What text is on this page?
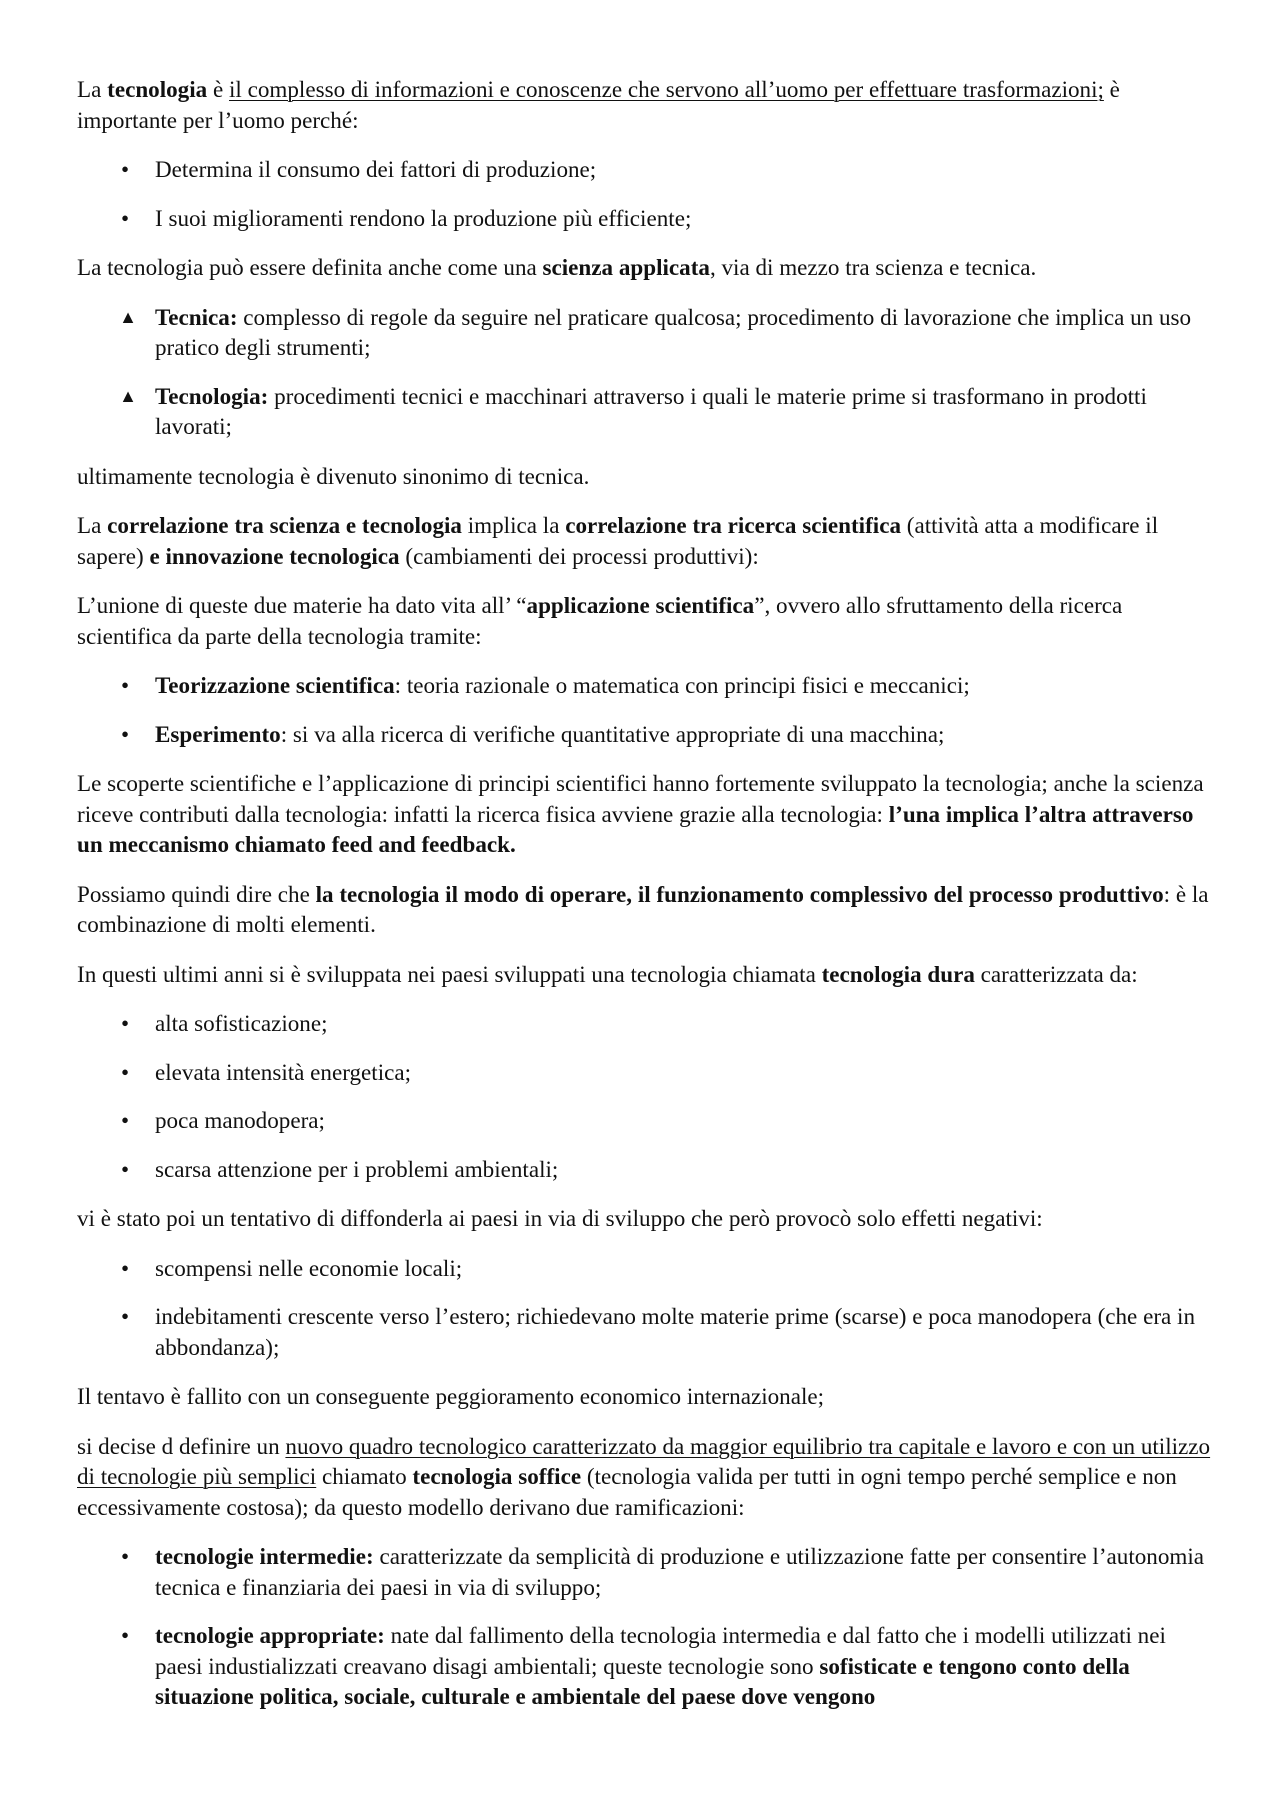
La tecnologia è il complesso di informazioni e conoscenze che servono all’uomo per effettuare trasformazioni; è importante per l’uomo perché:

• Determina il consumo dei fattori di produzione;
• I suoi miglioramenti rendono la produzione più efficiente;

La tecnologia può essere definita anche come una scienza applicata, via di mezzo tra scienza e tecnica.

▲ Tecnica: complesso di regole da seguire nel praticare qualcosa; procedimento di lavorazione che implica un uso pratico degli strumenti;
▲ Tecnologia: procedimenti tecnici e macchinari attraverso i quali le materie prime si trasformano in prodotti lavorati;

ultimamente tecnologia è divenuto sinonimo di tecnica.

La correlazione tra scienza e tecnologia implica la correlazione tra ricerca scientifica (attività atta a modificare il sapere) e innovazione tecnologica (cambiamenti dei processi produttivi):

L’unione di queste due materie ha dato vita all’ “applicazione scientifica”, ovvero allo sfruttamento della ricerca scientifica da parte della tecnologia tramite:

• Teorizzazione scientifica: teoria razionale o matematica con principi fisici e meccanici;
• Esperimento: si va alla ricerca di verifiche quantitative appropriate di una macchina;

Le scoperte scientifiche e l’applicazione di principi scientifici hanno fortemente sviluppato la tecnologia; anche la scienza riceve contributi dalla tecnologia: infatti la ricerca fisica avviene grazie alla tecnologia: l’una implica l’altra attraverso un meccanismo chiamato feed and feedback.

Possiamo quindi dire che la tecnologia il modo di operare, il funzionamento complessivo del processo produttivo: è la combinazione di molti elementi.

In questi ultimi anni si è sviluppata nei paesi sviluppati una tecnologia chiamata tecnologia dura caratterizzata da:

• alta sofisticazione;
• elevata intensità energetica;
• poca manodopera;
• scarsa attenzione per i problemi ambientali;

vi è stato poi un tentativo di diffonderla ai paesi in via di sviluppo che però provocò solo effetti negativi:

• scompensi nelle economie locali;
• indebitamenti crescente verso l’estero; richiedevano molte materie prime (scarse) e poca manodopera (che era in abbondanza);

Il tentavo è fallito con un conseguente peggioramento economico internazionale;

si decise d definire un nuovo quadro tecnologico caratterizzato da maggior equilibrio tra capitale e lavoro e con un utilizzo di tecnologie più semplici chiamato tecnologia soffice (tecnologia valida per tutti in ogni tempo perché semplice e non eccessivamente costosa); da questo modello derivano due ramificazioni:

• tecnologie intermedie: caratterizzate da semplicità di produzione e utilizzazione fatte per consentire l’autonomia tecnica e finanziaria dei paesi in via di sviluppo;
• tecnologie appropriate: nate dal fallimento della tecnologia intermedia e dal fatto che i modelli utilizzati nei paesi industializzati creavano disagi ambientali; queste tecnologie sono sofisticate e tengono conto della situazione politica, sociale, culturale e ambientale del paese dove vengono
